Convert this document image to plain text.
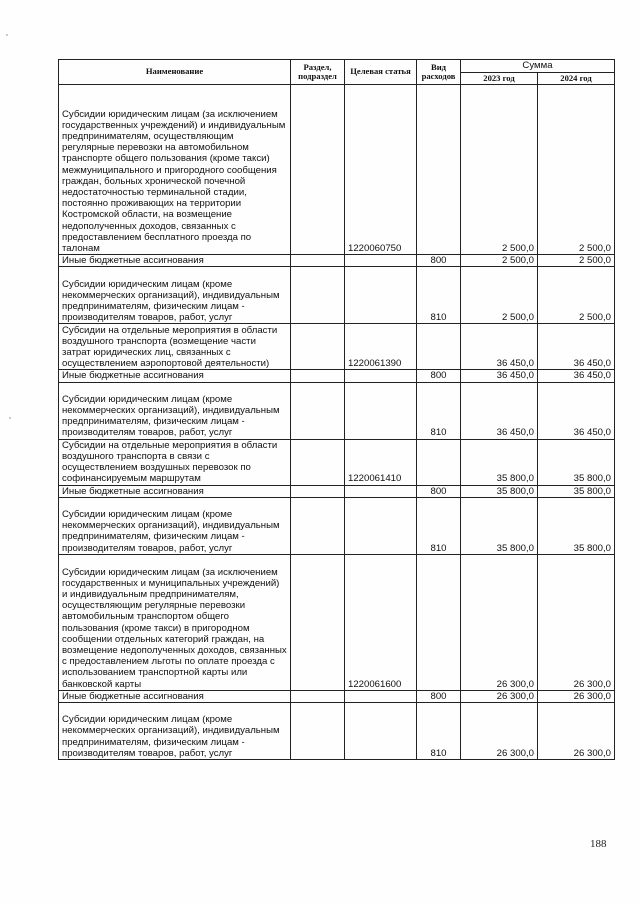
Наименование	Раздел, подраздел	Целевая статья	Вид расходов	Сумма	
				2023 год	2024 год
Субсидии юридическим лицам (за исключением государственных учреждений) и индивидуальным предпринимателям, осуществляющим регулярные перевозки на автомобильном транспорте общего пользования (кроме такси) межмуниципального и пригородного сообщения граждан, больных хронической почечной недостаточностью терминальной стадии, постоянно проживающих на территории Костромской области, на возмещение недополученных доходов, связанных с предоставлением бесплатного проезда по талонам		1220060750		2 500,0	2 500,0
Иные бюджетные ассигнования			800	2 500,0	2 500,0
Субсидии юридическим лицам (кроме некоммерческих организаций), индивидуальным предпринимателям, физическим лицам - производителям товаров, работ, услуг			810	2 500,0	2 500,0
Субсидии на отдельные мероприятия в области воздушного транспорта (возмещение части затрат юридических лиц, связанных с осуществлением аэропортовой деятельности)		1220061390		36 450,0	36 450,0
Иные бюджетные ассигнования			800	36 450,0	36 450,0
Субсидии юридическим лицам (кроме некоммерческих организаций), индивидуальным предпринимателям, физическим лицам - производителям товаров, работ, услуг			810	36 450,0	36 450,0
Субсидии на отдельные мероприятия в области воздушного транспорта в связи с осуществлением воздушных перевозок по софинансируемым маршрутам		1220061410		35 800,0	35 800,0
Иные бюджетные ассигнования			800	35 800,0	35 800,0
Субсидии юридическим лицам (кроме некоммерческих организаций), индивидуальным предпринимателям, физическим лицам - производителям товаров, работ, услуг			810	35 800,0	35 800,0
Субсидии юридическим лицам (за исключением государственных и муниципальных учреждений) и индивидуальным предпринимателям, осуществляющим регулярные перевозки автомобильным транспортом общего пользования (кроме такси) в пригородном сообщении отдельных категорий граждан, на возмещение недополученных доходов, связанных с предоставлением льготы по оплате проезда с использованием транспортной карты или банковской карты		1220061600		26 300,0	26 300,0
Иные бюджетные ассигнования			800	26 300,0	26 300,0
Субсидии юридическим лицам (кроме некоммерческих организаций), индивидуальным предпринимателям, физическим лицам - производителям товаров, работ, услуг			810	26 300,0	26 300,0
188
